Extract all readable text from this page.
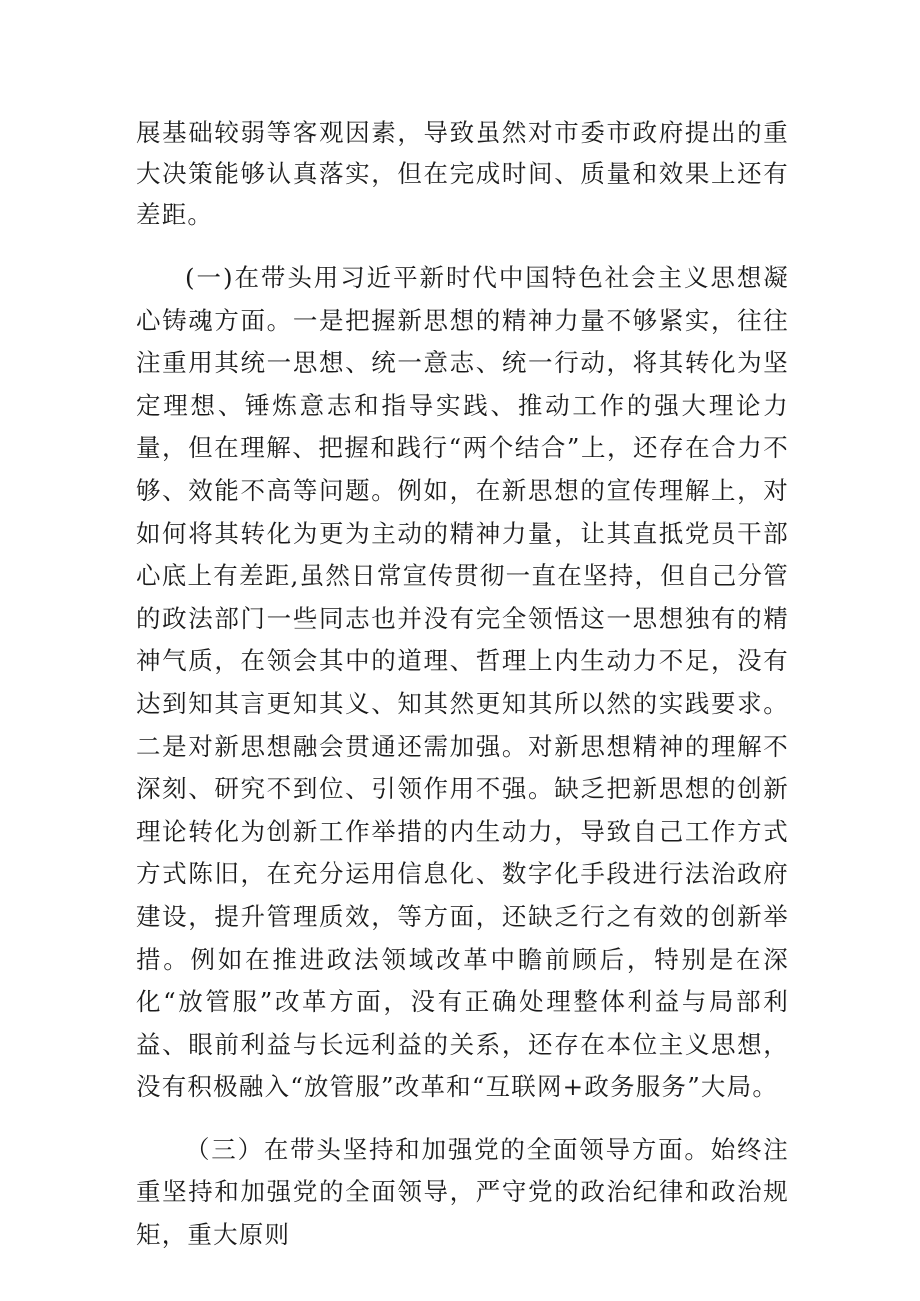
展基础较弱等客观因素，导致虽然对市委市政府提出的重大决策能够认真落实，但在完成时间、质量和效果上还有差距。

(一)在带头用习近平新时代中国特色社会主义思想凝心铸魂方面。一是把握新思想的精神力量不够紧实，往往注重用其统一思想、统一意志、统一行动，将其转化为坚定理想、锤炼意志和指导实践、推动工作的强大理论力量，但在理解、把握和践行“两个结合”上，还存在合力不够、效能不高等问题。例如，在新思想的宣传理解上，对如何将其转化为更为主动的精神力量，让其直抵党员干部心底上有差距,虽然日常宣传贯彻一直在坚持，但自己分管的政法部门一些同志也并没有完全领悟这一思想独有的精神气质，在领会其中的道理、哲理上内生动力不足，没有达到知其言更知其义、知其然更知其所以然的实践要求。二是对新思想融会贯通还需加强。对新思想精神的理解不深刻、研究不到位、引领作用不强。缺乏把新思想的创新理论转化为创新工作举措的内生动力，导致自己工作方式方式陈旧，在充分运用信息化、数字化手段进行法治政府建设，提升管理质效，等方面，还缺乏行之有效的创新举措。例如在推进政法领域改革中瞻前顾后，特别是在深化“放管服”改革方面，没有正确处理整体利益与局部利益、眼前利益与长远利益的关系，还存在本位主义思想，没有积极融入“放管服”改革和“互联网+政务服务”大局。

（三）在带头坚持和加强党的全面领导方面。始终注重坚持和加强党的全面领导，严守党的政治纪律和政治规矩，重大原则
